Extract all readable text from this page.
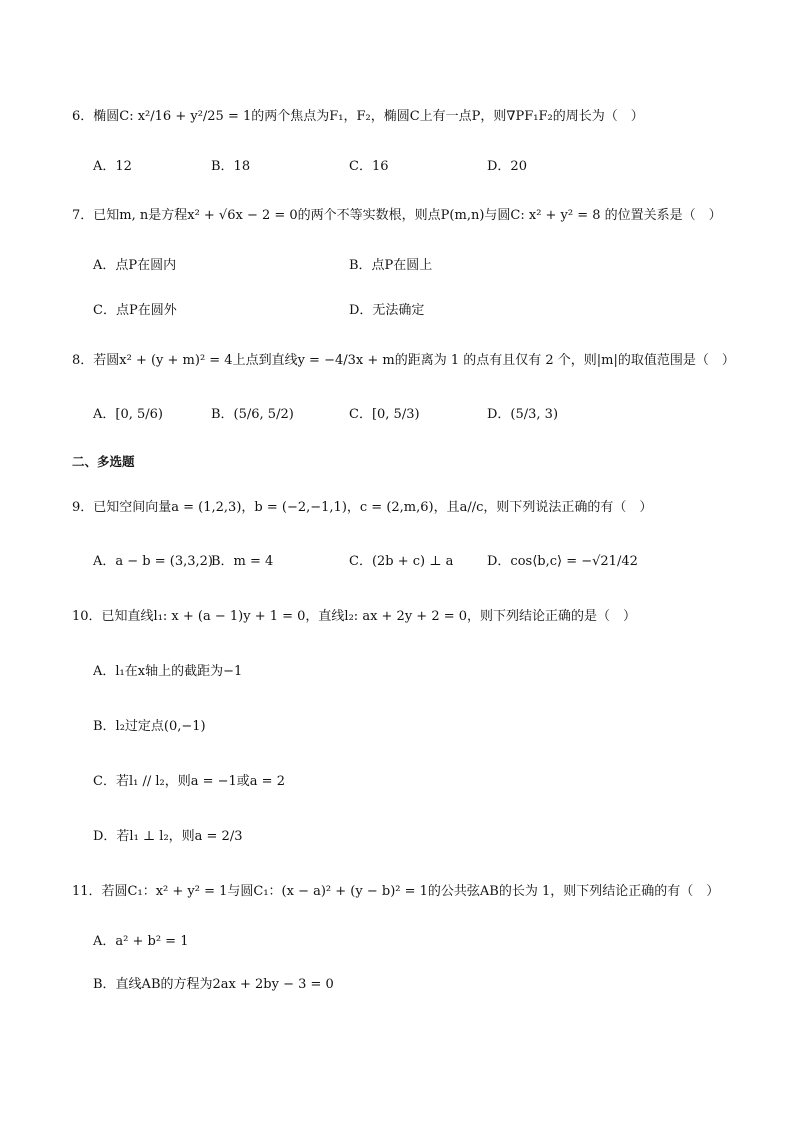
6．椭圆C: x²/16 + y²/25 = 1的两个焦点为F₁，F₂，椭圆C上有一点P，则∇PF₁F₂的周长为（　）
A．12	B．18	C．16	D．20
7．已知m, n是方程x² + √6x − 2 = 0的两个不等实数根，则点P(m,n)与圆C: x² + y² = 8 的位置关系是（　）
A．点P在圆内	B．点P在圆上
C．点P在圆外	D．无法确定
8．若圆x² + (y + m)² = 4上点到直线y = −4/3x + m的距离为 1 的点有且仅有 2 个，则|m|的取值范围是（　）
A．[0, 5/6)	B．(5/6, 5/2)	C．[0, 5/3)	D．(5/3, 3)
二、多选题
9．已知空间向量a = (1,2,3)，b = (−2,−1,1)，c = (2,m,6)，且a//c，则下列说法正确的有（　）
A．a − b = (3,3,2)
B．m = 4	C．(2b + c) ⊥ a	D．cos⟨b,c⟩ = −√21/42
10．已知直线l₁: x + (a − 1)y + 1 = 0，直线l₂: ax + 2y + 2 = 0，则下列结论正确的是（　）
A．l₁在x轴上的截距为−1
B．l₂过定点(0,−1)
C．若l₁ // l₂，则a = −1或a = 2
D．若l₁ ⊥ l₂，则a = 2/3
11．若圆C₁：x² + y² = 1与圆C₁：(x − a)² + (y − b)² = 1的公共弦AB的长为 1，则下列结论正确的有（　）
A．a² + b² = 1
B．直线AB的方程为2ax + 2by − 3 = 0
